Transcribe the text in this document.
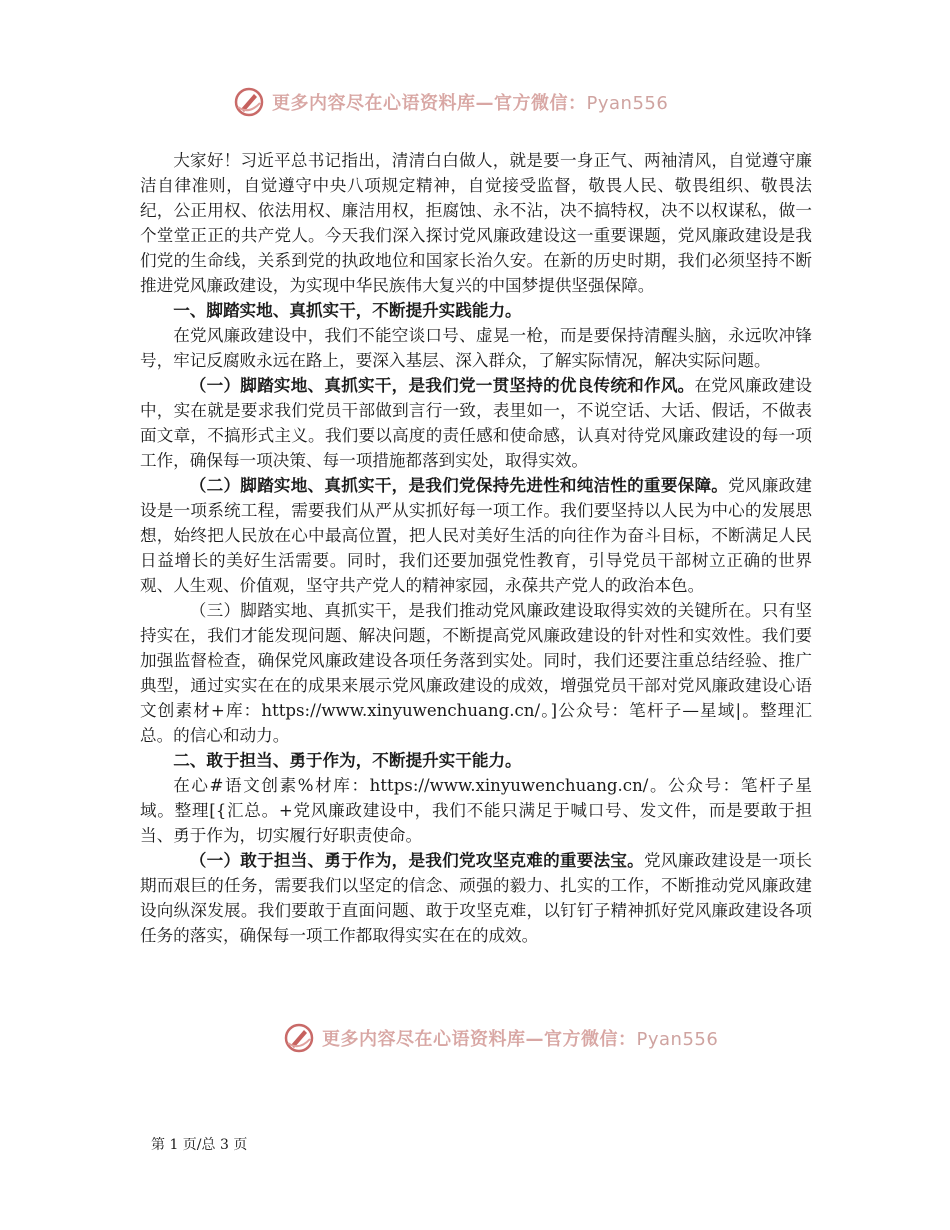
更多内容尽在心语资料库—官方微信：Pyan556

大家好！习近平总书记指出，清清白白做人，就是要一身正气、两袖清风，自觉遵守廉洁自律准则，自觉遵守中央八项规定精神，自觉接受监督，敬畏人民、敬畏组织、敬畏法纪，公正用权、依法用权、廉洁用权，拒腐蚀、永不沾，决不搞特权，决不以权谋私，做一个堂堂正正的共产党人。今天我们深入探讨党风廉政建设这一重要课题，党风廉政建设是我们党的生命线，关系到党的执政地位和国家长治久安。在新的历史时期，我们必须坚持不断推进党风廉政建设，为实现中华民族伟大复兴的中国梦提供坚强保障。

一、脚踏实地、真抓实干，不断提升实践能力。

在党风廉政建设中，我们不能空谈口号、虚晃一枪，而是要保持清醒头脑，永远吹冲锋号，牢记反腐败永远在路上，要深入基层、深入群众，了解实际情况，解决实际问题。

（一）脚踏实地、真抓实干，是我们党一贯坚持的优良传统和作风。在党风廉政建设中，实在就是要求我们党员干部做到言行一致，表里如一，不说空话、大话、假话，不做表面文章，不搞形式主义。我们要以高度的责任感和使命感，认真对待党风廉政建设的每一项工作，确保每一项决策、每一项措施都落到实处，取得实效。

（二）脚踏实地、真抓实干，是我们党保持先进性和纯洁性的重要保障。党风廉政建设是一项系统工程，需要我们从严从实抓好每一项工作。我们要坚持以人民为中心的发展思想，始终把人民放在心中最高位置，把人民对美好生活的向往作为奋斗目标，不断满足人民日益增长的美好生活需要。同时，我们还要加强党性教育，引导党员干部树立正确的世界观、人生观、价值观，坚守共产党人的精神家园，永葆共产党人的政治本色。

（三）脚踏实地、真抓实干，是我们推动党风廉政建设取得实效的关键所在。只有坚持实在，我们才能发现问题、解决问题，不断提高党风廉政建设的针对性和实效性。我们要加强监督检查，确保党风廉政建设各项任务落到实处。同时，我们还要注重总结经验、推广典型，通过实实在在的成果来展示党风廉政建设的成效，增强党员干部对党风廉政建设心语文创素材+库：https://www.xinyuwenchuang.cn/。]公众号：笔杆子—星域|。整理汇总。的信心和动力。

二、敢于担当、勇于作为，不断提升实干能力。

在心#语文创素%材库：https://www.xinyuwenchuang.cn/。公众号：笔杆子星域。整理[{汇总。+党风廉政建设中，我们不能只满足于喊口号、发文件，而是要敢于担当、勇于作为，切实履行好职责使命。

（一）敢于担当、勇于作为，是我们党攻坚克难的重要法宝。党风廉政建设是一项长期而艰巨的任务，需要我们以坚定的信念、顽强的毅力、扎实的工作，不断推动党风廉政建设向纵深发展。我们要敢于直面问题、敢于攻坚克难，以钉钉子精神抓好党风廉政建设各项任务的落实，确保每一项工作都取得实实在在的成效。

更多内容尽在心语资料库—官方微信：Pyan556
第 1 页/总 3 页
